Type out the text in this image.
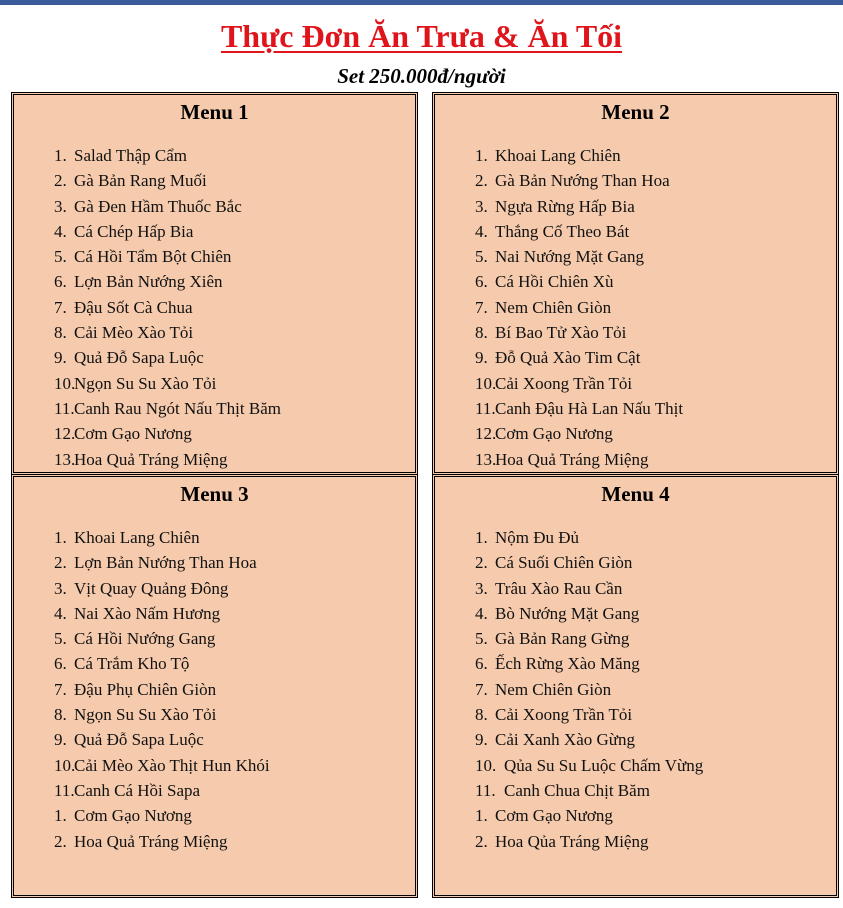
Thực Đơn Ăn Trưa & Ăn Tối
Set 250.000đ/người
Menu 1
1. Salad Thập Cẩm
2. Gà Bản Rang Muối
3. Gà Đen Hầm Thuốc Bắc
4. Cá Chép Hấp Bia
5. Cá Hồi Tẩm Bột Chiên
6. Lợn Bản Nướng Xiên
7. Đậu Sốt Cà Chua
8. Cải Mèo Xào Tỏi
9. Quả Đỗ Sapa Luộc
10.
Ngọn Su Su Xào Tỏi
11. Canh Rau Ngót Nấu Thịt Băm
12.
Cơm Gạo Nương
13.
Hoa Quả Tráng Miệng
Menu 2
1. Khoai Lang Chiên
2. Gà Bản Nướng Than Hoa
3. Ngựa Rừng Hấp Bia
4. Thắng Cố Theo Bát
5. Nai Nướng Mặt Gang
6. Cá Hồi Chiên Xù
7. Nem Chiên Giòn
8. Bí Bao Tử Xào Tỏi
9. Đỗ Quả Xào Tim Cật
10.
Cải Xoong Trần Tỏi
11. Canh Đậu Hà Lan Nấu Thịt
12.
Cơm Gạo Nương
13.
Hoa Quả Tráng Miệng
Menu 3
1. Khoai Lang Chiên
2. Lợn Bản Nướng Than Hoa
3. Vịt Quay Quảng Đông
4. Nai Xào Nấm Hương
5. Cá Hồi Nướng Gang
6. Cá Trắm Kho Tộ
7. Đậu Phụ Chiên Giòn
8. Ngọn Su Su Xào Tỏi
9. Quả Đỗ Sapa Luộc
10.
Cải Mèo Xào Thịt Hun Khói
11. Canh Cá Hồi Sapa
1. Cơm Gạo Nương
2. Hoa Quả Tráng Miệng
Menu 4
1. Nộm Đu Đủ
2. Cá Suối Chiên Giòn
3. Trâu Xào Rau Cần
4. Bò Nướng Mặt Gang
5. Gà Bản Rang Gừng
6. Ếch Rừng Xào Măng
7. Nem Chiên Giòn
8. Cải Xoong Trần Tỏi
9. Cải Xanh Xào Gừng
10. Qủa Su Su Luộc Chấm Vừng
11. Canh Chua Chịt Băm
1. Cơm Gạo Nương
2. Hoa Qủa Tráng Miệng
